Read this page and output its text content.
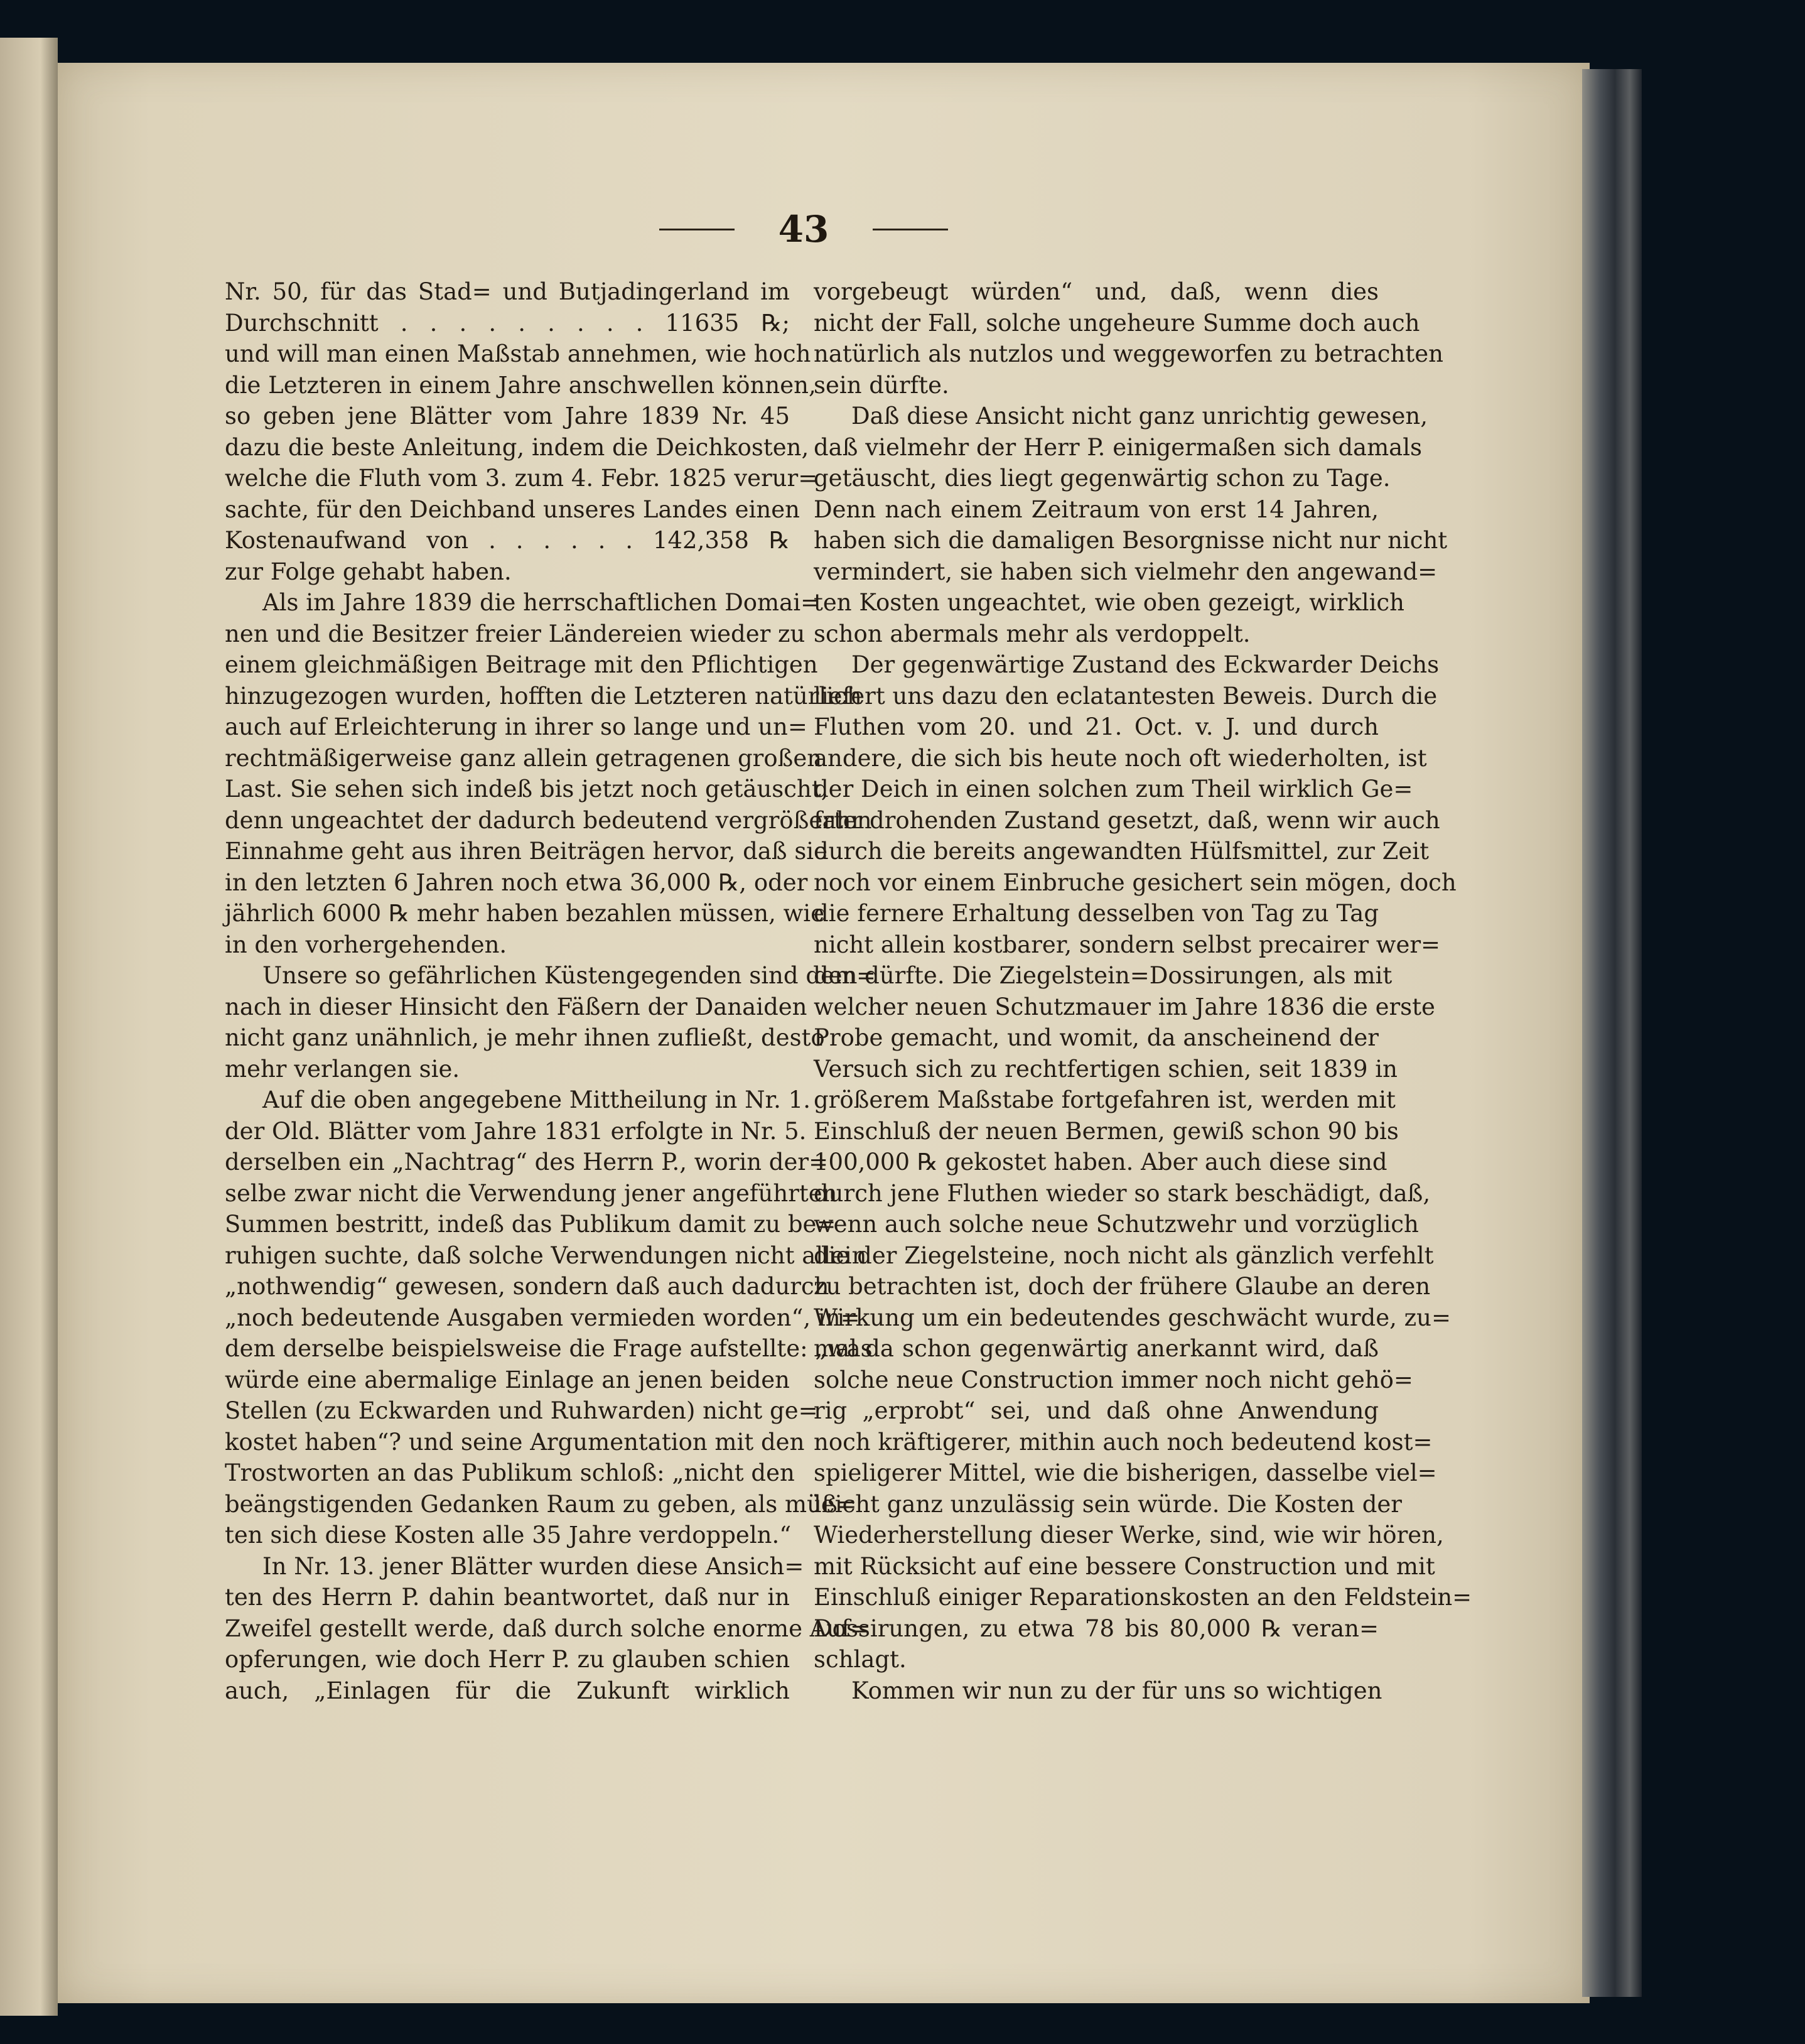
43
Nr. 50, für das Stad= und Butjadingerland im
Durchschnitt . . . . . . . . . 11635 ℞;
und will man einen Maßstab annehmen, wie hoch
die Letzteren in einem Jahre anschwellen können,
so geben jene Blätter vom Jahre 1839 Nr. 45
dazu die beste Anleitung, indem die Deichkosten,
welche die Fluth vom 3. zum 4. Febr. 1825 verur=
sachte, für den Deichband unseres Landes einen
Kostenaufwand von . . . . . . 142,358 ℞
zur Folge gehabt haben.
Als im Jahre 1839 die herrschaftlichen Domai=
nen und die Besitzer freier Ländereien wieder zu
einem gleichmäßigen Beitrage mit den Pflichtigen
hinzugezogen wurden, hofften die Letzteren natürlich
auch auf Erleichterung in ihrer so lange und un=
rechtmäßigerweise ganz allein getragenen großen
Last. Sie sehen sich indeß bis jetzt noch getäuscht,
denn ungeachtet der dadurch bedeutend vergrößerten
Einnahme geht aus ihren Beiträgen hervor, daß sie
in den letzten 6 Jahren noch etwa 36,000 ℞, oder
jährlich 6000 ℞ mehr haben bezahlen müssen, wie
in den vorhergehenden.
Unsere so gefährlichen Küstengegenden sind dem=
nach in dieser Hinsicht den Fäßern der Danaiden
nicht ganz unähnlich, je mehr ihnen zufließt, desto
mehr verlangen sie.
Auf die oben angegebene Mittheilung in Nr. 1.
der Old. Blätter vom Jahre 1831 erfolgte in Nr. 5.
derselben ein „Nachtrag“ des Herrn P., worin der=
selbe zwar nicht die Verwendung jener angeführten
Summen bestritt, indeß das Publikum damit zu be=
ruhigen suchte, daß solche Verwendungen nicht allein
„nothwendig“ gewesen, sondern daß auch dadurch
„noch bedeutende Ausgaben vermieden worden“, in=
dem derselbe beispielsweise die Frage aufstellte: „was
würde eine abermalige Einlage an jenen beiden
Stellen (zu Eckwarden und Ruhwarden) nicht ge=
kostet haben“? und seine Argumentation mit den
Trostworten an das Publikum schloß: „nicht den
beängstigenden Gedanken Raum zu geben, als müß=
ten sich diese Kosten alle 35 Jahre verdoppeln.“
In Nr. 13. jener Blätter wurden diese Ansich=
ten des Herrn P. dahin beantwortet, daß nur in
Zweifel gestellt werde, daß durch solche enorme Auf=
opferungen, wie doch Herr P. zu glauben schien
auch, „Einlagen für die Zukunft wirklich
vorgebeugt würden“ und, daß, wenn dies
nicht der Fall, solche ungeheure Summe doch auch
natürlich als nutzlos und weggeworfen zu betrachten
sein dürfte.
Daß diese Ansicht nicht ganz unrichtig gewesen,
daß vielmehr der Herr P. einigermaßen sich damals
getäuscht, dies liegt gegenwärtig schon zu Tage.
Denn nach einem Zeitraum von erst 14 Jahren,
haben sich die damaligen Besorgnisse nicht nur nicht
vermindert, sie haben sich vielmehr den angewand=
ten Kosten ungeachtet, wie oben gezeigt, wirklich
schon abermals mehr als verdoppelt.
Der gegenwärtige Zustand des Eckwarder Deichs
liefert uns dazu den eclatantesten Beweis. Durch die
Fluthen vom 20. und 21. Oct. v. J. und durch
andere, die sich bis heute noch oft wiederholten, ist
der Deich in einen solchen zum Theil wirklich Ge=
fahr drohenden Zustand gesetzt, daß, wenn wir auch
durch die bereits angewandten Hülfsmittel, zur Zeit
noch vor einem Einbruche gesichert sein mögen, doch
die fernere Erhaltung desselben von Tag zu Tag
nicht allein kostbarer, sondern selbst precairer wer=
den dürfte. Die Ziegelstein=Dossirungen, als mit
welcher neuen Schutzmauer im Jahre 1836 die erste
Probe gemacht, und womit, da anscheinend der
Versuch sich zu rechtfertigen schien, seit 1839 in
größerem Maßstabe fortgefahren ist, werden mit
Einschluß der neuen Bermen, gewiß schon 90 bis
100,000 ℞ gekostet haben. Aber auch diese sind
durch jene Fluthen wieder so stark beschädigt, daß,
wenn auch solche neue Schutzwehr und vorzüglich
die der Ziegelsteine, noch nicht als gänzlich verfehlt
zu betrachten ist, doch der frühere Glaube an deren
Wirkung um ein bedeutendes geschwächt wurde, zu=
mal da schon gegenwärtig anerkannt wird, daß
solche neue Construction immer noch nicht gehö=
rig „erprobt“ sei, und daß ohne Anwendung
noch kräftigerer, mithin auch noch bedeutend kost=
spieligerer Mittel, wie die bisherigen, dasselbe viel=
leicht ganz unzulässig sein würde. Die Kosten der
Wiederherstellung dieser Werke, sind, wie wir hören,
mit Rücksicht auf eine bessere Construction und mit
Einschluß einiger Reparationskosten an den Feldstein=
Dossirungen, zu etwa 78 bis 80,000 ℞ veran=
schlagt.
Kommen wir nun zu der für uns so wichtigen
